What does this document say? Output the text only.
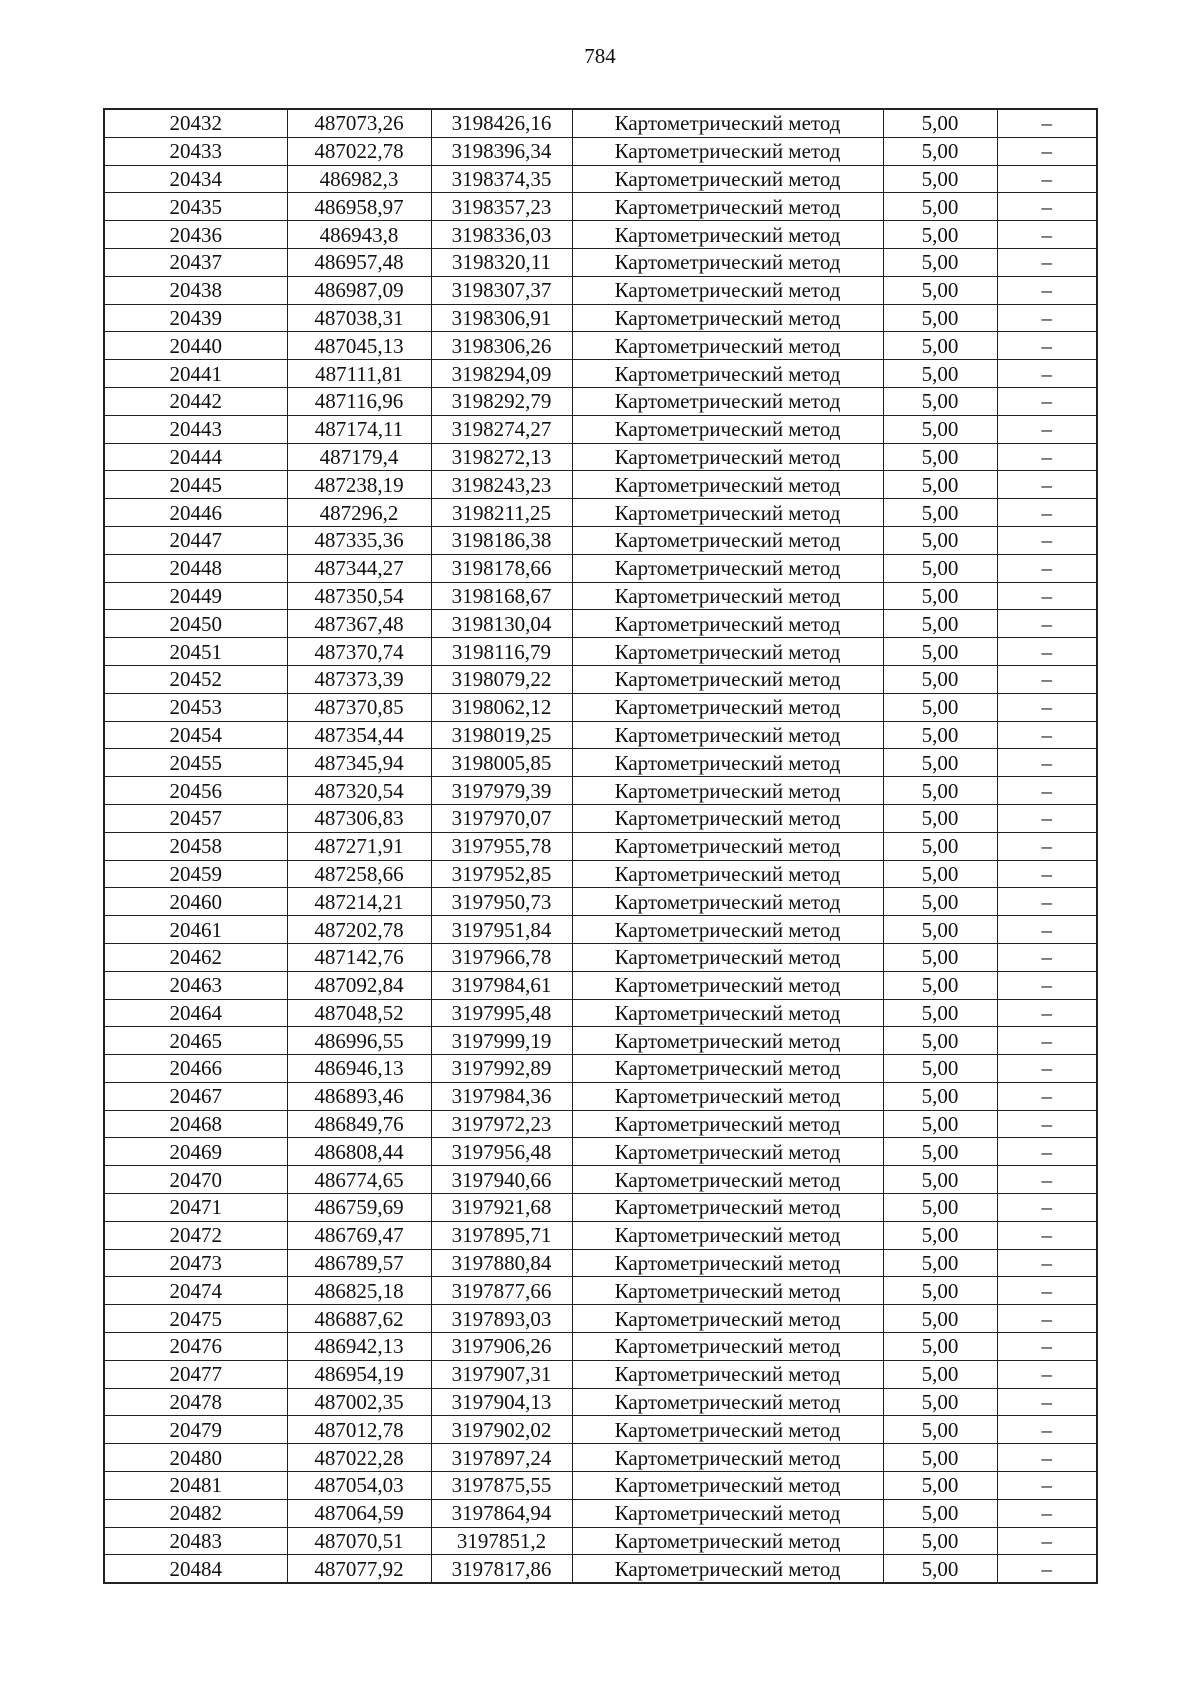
784
20432	487073,26	3198426,16	Картометрический метод	5,00	–
20433	487022,78	3198396,34	Картометрический метод	5,00	–
20434	486982,3	3198374,35	Картометрический метод	5,00	–
20435	486958,97	3198357,23	Картометрический метод	5,00	–
20436	486943,8	3198336,03	Картометрический метод	5,00	–
20437	486957,48	3198320,11	Картометрический метод	5,00	–
20438	486987,09	3198307,37	Картометрический метод	5,00	–
20439	487038,31	3198306,91	Картометрический метод	5,00	–
20440	487045,13	3198306,26	Картометрический метод	5,00	–
20441	487111,81	3198294,09	Картометрический метод	5,00	–
20442	487116,96	3198292,79	Картометрический метод	5,00	–
20443	487174,11	3198274,27	Картометрический метод	5,00	–
20444	487179,4	3198272,13	Картометрический метод	5,00	–
20445	487238,19	3198243,23	Картометрический метод	5,00	–
20446	487296,2	3198211,25	Картометрический метод	5,00	–
20447	487335,36	3198186,38	Картометрический метод	5,00	–
20448	487344,27	3198178,66	Картометрический метод	5,00	–
20449	487350,54	3198168,67	Картометрический метод	5,00	–
20450	487367,48	3198130,04	Картометрический метод	5,00	–
20451	487370,74	3198116,79	Картометрический метод	5,00	–
20452	487373,39	3198079,22	Картометрический метод	5,00	–
20453	487370,85	3198062,12	Картометрический метод	5,00	–
20454	487354,44	3198019,25	Картометрический метод	5,00	–
20455	487345,94	3198005,85	Картометрический метод	5,00	–
20456	487320,54	3197979,39	Картометрический метод	5,00	–
20457	487306,83	3197970,07	Картометрический метод	5,00	–
20458	487271,91	3197955,78	Картометрический метод	5,00	–
20459	487258,66	3197952,85	Картометрический метод	5,00	–
20460	487214,21	3197950,73	Картометрический метод	5,00	–
20461	487202,78	3197951,84	Картометрический метод	5,00	–
20462	487142,76	3197966,78	Картометрический метод	5,00	–
20463	487092,84	3197984,61	Картометрический метод	5,00	–
20464	487048,52	3197995,48	Картометрический метод	5,00	–
20465	486996,55	3197999,19	Картометрический метод	5,00	–
20466	486946,13	3197992,89	Картометрический метод	5,00	–
20467	486893,46	3197984,36	Картометрический метод	5,00	–
20468	486849,76	3197972,23	Картометрический метод	5,00	–
20469	486808,44	3197956,48	Картометрический метод	5,00	–
20470	486774,65	3197940,66	Картометрический метод	5,00	–
20471	486759,69	3197921,68	Картометрический метод	5,00	–
20472	486769,47	3197895,71	Картометрический метод	5,00	–
20473	486789,57	3197880,84	Картометрический метод	5,00	–
20474	486825,18	3197877,66	Картометрический метод	5,00	–
20475	486887,62	3197893,03	Картометрический метод	5,00	–
20476	486942,13	3197906,26	Картометрический метод	5,00	–
20477	486954,19	3197907,31	Картометрический метод	5,00	–
20478	487002,35	3197904,13	Картометрический метод	5,00	–
20479	487012,78	3197902,02	Картометрический метод	5,00	–
20480	487022,28	3197897,24	Картометрический метод	5,00	–
20481	487054,03	3197875,55	Картометрический метод	5,00	–
20482	487064,59	3197864,94	Картометрический метод	5,00	–
20483	487070,51	3197851,2	Картометрический метод	5,00	–
20484	487077,92	3197817,86	Картометрический метод	5,00	–
